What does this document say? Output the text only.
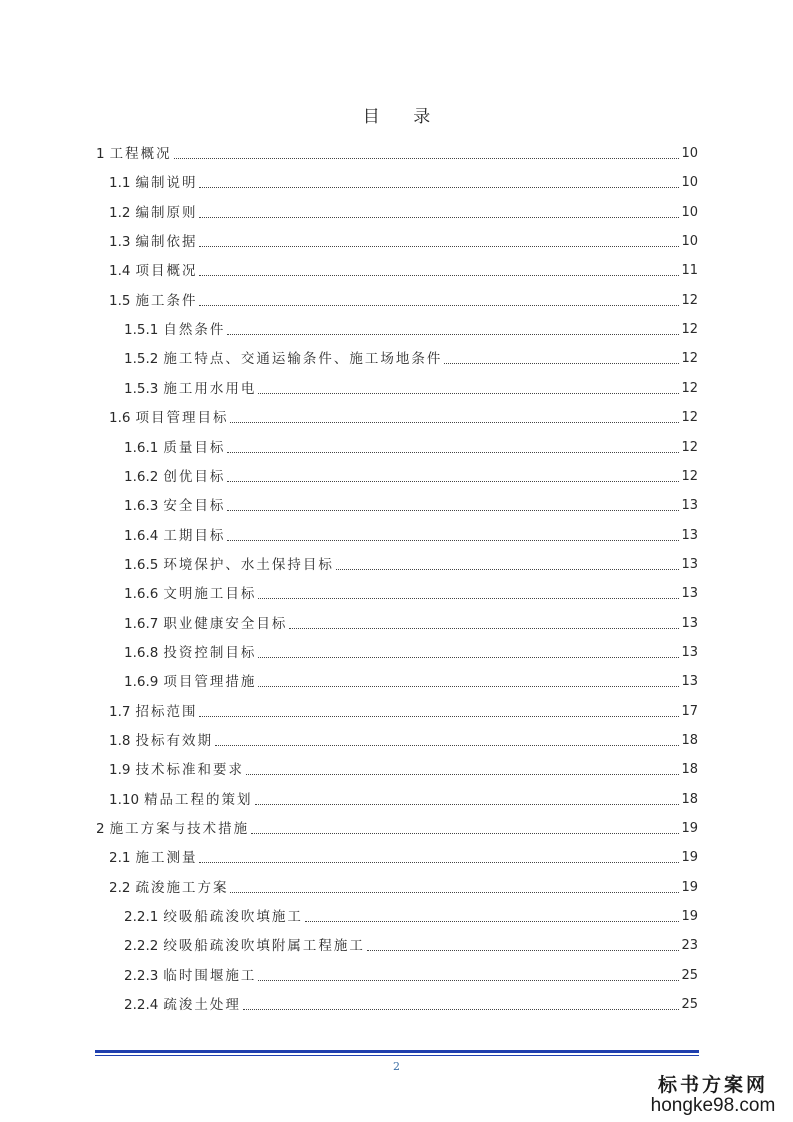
目 录
1 工程概况	10
1.1 编制说明	10
1.2 编制原则	10
1.3 编制依据	10
1.4 项目概况	11
1.5 施工条件	12
1.5.1 自然条件	12
1.5.2 施工特点、交通运输条件、施工场地条件	12
1.5.3 施工用水用电	12
1.6 项目管理目标	12
1.6.1 质量目标	12
1.6.2 创优目标	12
1.6.3 安全目标	13
1.6.4 工期目标	13
1.6.5 环境保护、水土保持目标	13
1.6.6 文明施工目标	13
1.6.7 职业健康安全目标	13
1.6.8 投资控制目标	13
1.6.9 项目管理措施	13
1.7 招标范围	17
1.8 投标有效期	18
1.9 技术标准和要求	18
1.10 精品工程的策划	18
2 施工方案与技术措施	19
2.1 施工测量	19
2.2 疏浚施工方案	19
2.2.1 绞吸船疏浚吹填施工	19
2.2.2 绞吸船疏浚吹填附属工程施工	23
2.2.3 临时围堰施工	25
2.2.4 疏浚土处理	25
2
标书方案网
hongke98.com
